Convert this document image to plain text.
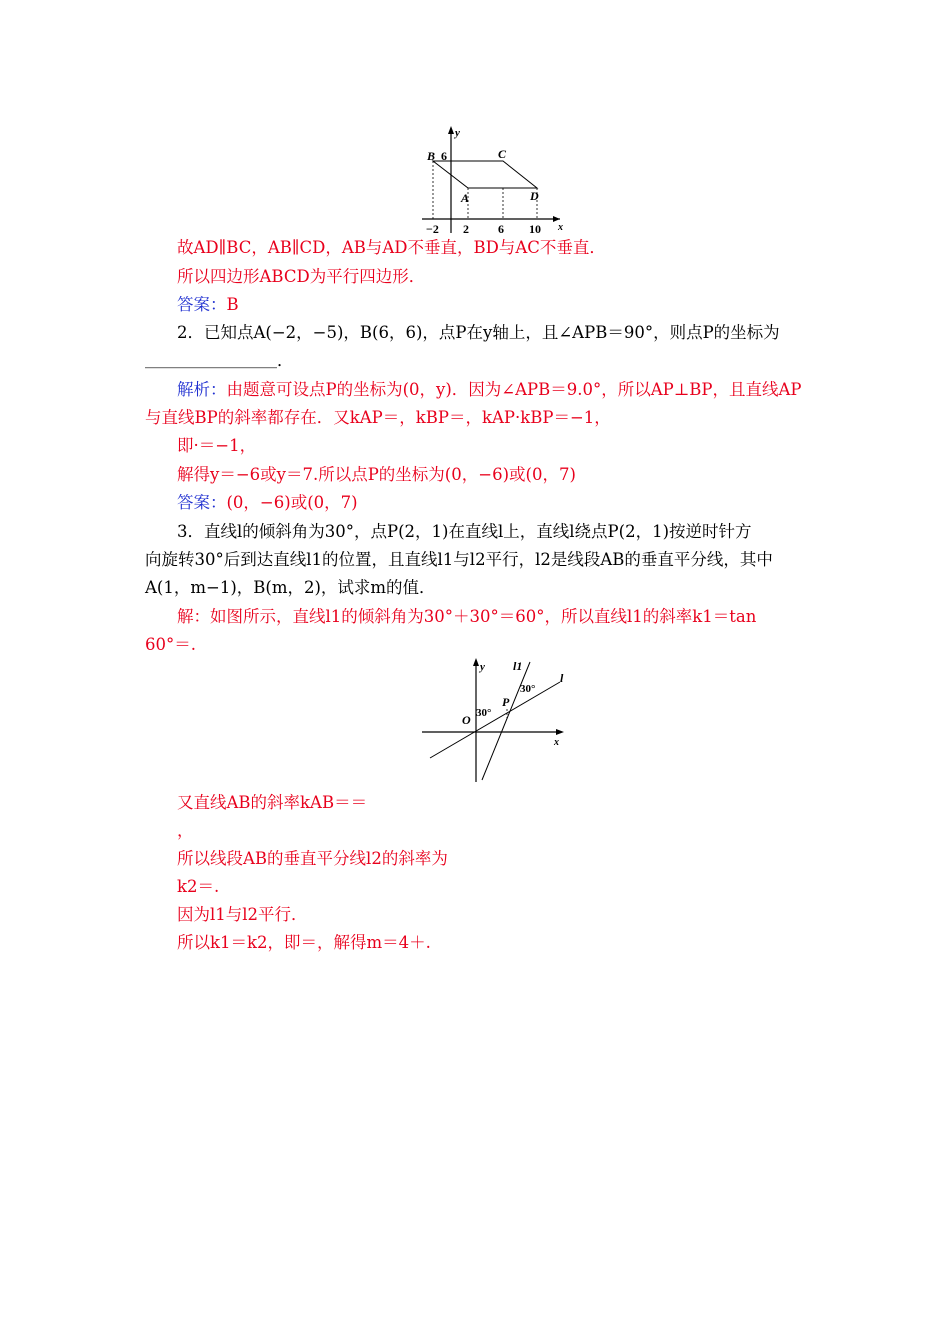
y
x
6
B	C
A	D
−2 2 6 10
故AD∥BC，AB∥CD，AB与AD不垂直，BD与AC不垂直．
所以四边形ABCD为平行四边形．
答案：B
2．已知点A(−2，−5)，B(6，6)，点P在y轴上，且∠APB＝90°，则点P的坐标为
＿＿＿＿＿＿＿＿．
解析：由题意可设点P的坐标为(0，y)．因为∠APB＝9.0°，所以AP⊥BP，且直线AP
与直线BP的斜率都存在．又kAP＝，kBP＝，kAP·kBP＝−1，
即·＝−1，
解得y＝−6或y＝7.所以点P的坐标为(0，−6)或(0，7)
答案：(0，−6)或(0，7)
3．直线l的倾斜角为30°，点P(2，1)在直线l上，直线l绕点P(2，1)按逆时针方
向旋转30°后到达直线l1的位置，且直线l1与l2平行，l2是线段AB的垂直平分线，其中
A(1，m−1)，B(m，2)，试求m的值．
解：如图所示，直线l1的倾斜角为30°＋30°＝60°，所以直线l1的斜率k1＝tan
60°＝.
y
x
O
P
l
l1
30°
30°
又直线AB的斜率kAB＝＝
，
所以线段AB的垂直平分线l2的斜率为
k2＝.
因为l1与l2平行．
所以k1＝k2，即＝，解得m＝4＋.
